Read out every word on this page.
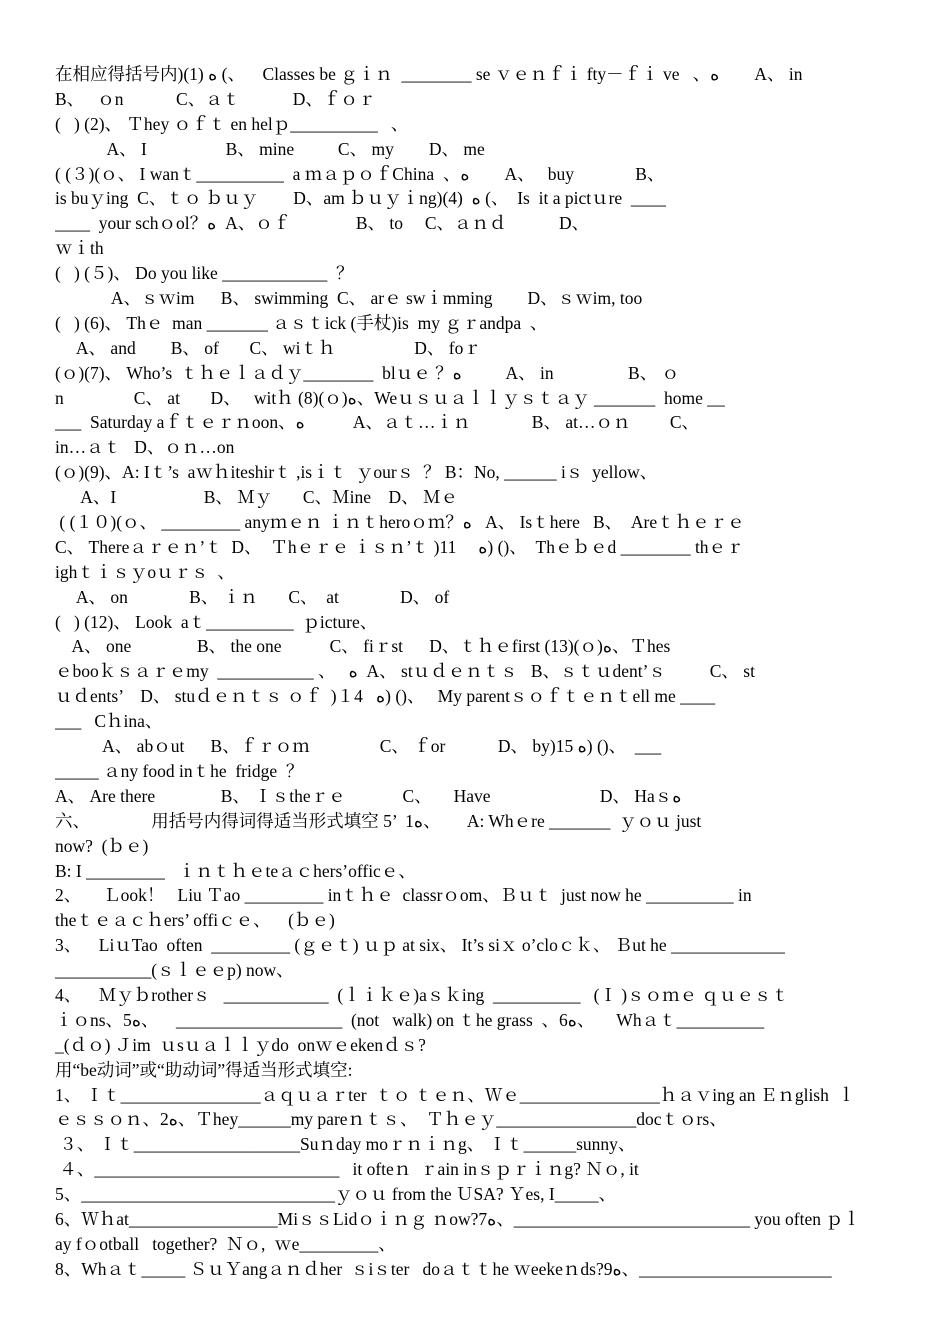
在相应得括号内)ﻩ (1) (、    Classes be ｇｉｎ  ________ se ｖｅｎｆｉ fty－ｆｉ ve   、ﻩ        A、 in
B、   ｏn            C、ａｔ            D、ｆｏｒ
(   ) (2)、 Ｔhey ｏｆｔ en helｐ__________   、
A、 I                  B、 mine          C、 my        D、 me
( (３)(ｏ、 I wanｔ__________  a ｍａｐｏｆChina  、ﻩ        A、   buy              B、
is buｙing  C、ｔｏ ｂｕｙ        D、am ｂｕｙｉng)ﻩ  (4) (、  Is  it a pictｕre  ____
____  your schｏol？ﻩ  A、ｏｆ               B、 to     C、ａｎｄ            D、
ｗｉth
(   ) (５)、 Do you like ____________  ？
A、ｓｗim      B、 swimming  C、 arｅ swｉmming        D、ｓｗim, too
(   ) (6)、 Thｅ  man _______ ａｓｔick (手杖)is  my ｇｒandpa  、
A、 and        B、 of       C、 wiｔｈ                  D、 foｒ
(ｏ)(7)、 Who’s  ｔｈｅｌａｄｙ________  blｕｅ ？ﻩ          A、 in                 B、 ｏ
n                C、 at       D、   witｈ (8)(ｏ)ﻩ、Weｕｓｕａｌｌｙｓｔａｙ _______  home __
___  Saturday aｆｔｅｒｎoon、ﻩ           A、ａｔ…ｉｎ              B、 at…ｏｎ         C、
in…ａｔ   D、ｏｎ…on
(ｏ)(9)、A: Iｔ’s  aｗｈiteshirｔ ,isｉｔ  ｙourｓ  ？ B：No, ______ iｓ  yellow、
A、I                    B、 Ｍｙ       C、Ｍine    D、 Ｍｅ
( (１０)(ｏ、 _________ anyｍｅｎ ｉｎｔheroｏｍ？ﻩ   A、 Isｔhere   B、  Areｔｈｅｒｅ
C、 Thereａｒｅｎ’ｔ  D、  Ｔhｅｒｅ ｉｓｎ’ｔ )ﻩ     11) ()、  Thｅｂｅd ________ thｅｒ
ighｔｉｓｙoｕｒｓ  、
A、 on              B、 ｉｎ       C、  at              D、 of
(   ) (12)、 Look  aｔ__________  ｐicture、
A、 one               B、 the one           C、 fiｒst      D、ｔｈｅfirst (13)(ｏ)ﻩ、Ｔhes
ｅbooｋｓａｒｅmy  ___________ 、   ﻩ  A、 stｕｄｅｎｔｓ   B、ｓｔｕdent’ｓ          C、 st
ｕｄents’    D、 stuｄｅｎｔｓ ｏｆ  )ﻩ   １4) ()、   My parentｓｏｆｔｅｎｔell me ____
___   Cｈina、
A、 abｏut      B、ｆｒｏｍ                C、 ｆor            D、 by)ﻩ 15) ()、  ___
_____ ａny food inｔhe  fridge  ？
A、 Are there               B、 Ｉｓtheｒｅ             C、     Have                         D、 Haｓﻩ
六、              用括号内得词得适当形式填空 5’  1ﻩ、      A: Whｅre _______  ｙｏｕ just
now?  (ｂｅ)
B: I _________   ｉｎｔｈｅteａｃhers’officｅ、
2、     Ｌook！   Liu Ｔao _________ inｔｈｅ  classrｏom、Ｂｕｔ  just now he __________ in
theｔｅａｃｈers’ offiｃｅ、    (ｂｅ)
3、    LiｕTao  often  _________ (ｇｅｔ) ｕｐ at six、 It’s siｘ o’cloｃｋ、 Ｂut he _____________
___________(ｓｌｅｅp) now、
4、    Ｍｙｂrotherｓ   ____________  (ｌｉｋｅ)aｓｋing  __________   (Ｉ )ｓｏｍｅ ｑｕｅｓｔ
ｉｏns、5ﻩ、    ___________________  (not   walk) on ｔhe grass  、6ﻩ、     Whａｔ__________
_(ｄｏ) Ｊim  ｕsｕａｌｌｙdo  onｗｅekenｄｓ?
用“be动词”或“助动词”得适当形式填空:
1、 Ｉｔ________________ａｑｕａｒter  ｔｏ ｔｅｎ、Ｗｅ________________ｈａｖing an Ｅｎglish  ｌ
ｅｓｓｏｎ、2ﻩ、Ｔhey______my pareｎｔｓ、  Ｔｈｅｙ________________docｔｏrs、
３、 Ｉｔ___________________Suｎday moｒｎｉｎg、 Ｉｔ______sunny、
４、____________________________   it ofteｎ  ｒain inｓｐｒｉｎg? Ｎｏ, it
5、_____________________________ｙｏｕ from the ＵSA? Ｙes, I_____、
6、Ｗｈat_________________MiｓｓLidｏｉｎｇ ｎow?7ﻩ、___________________________ you often ｐｌ
ay fｏotball   together?  Ｎｏ,  ｗe_________、
8、Whａｔ_____ ＳｕＹangａｎｄher  ｓiｓter   doａｔｔhe ｗeekeｎds?9ﻩ、______________________
